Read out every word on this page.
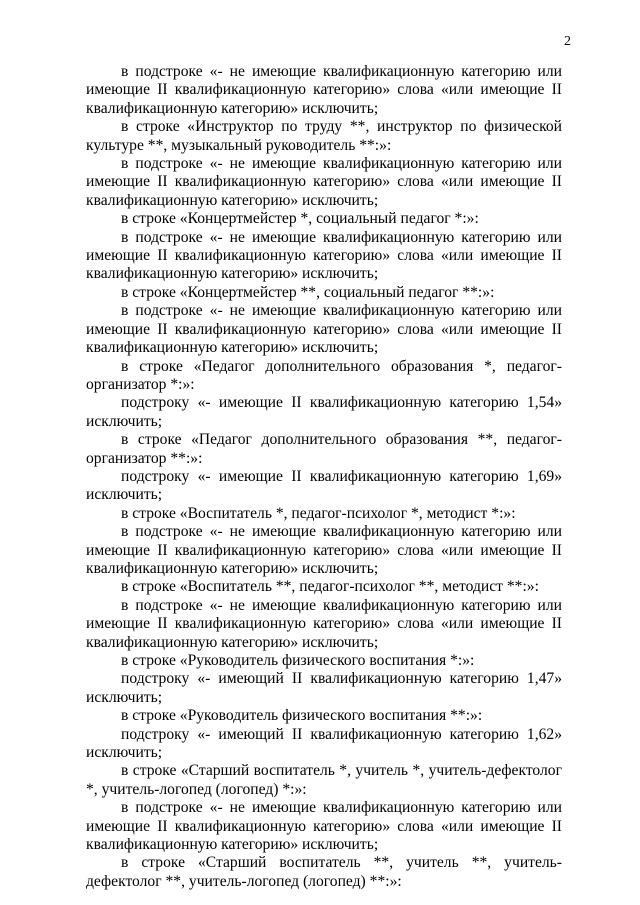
2

в подстроке «- не имеющие квалификационную категорию или имеющие II квалификационную категорию» слова «или имеющие II квалификационную категорию» исключить;

в строке «Инструктор по труду **, инструктор по физической культуре **, музыкальный руководитель **:»:

в подстроке «- не имеющие квалификационную категорию или имеющие II квалификационную категорию» слова «или имеющие II квалификационную категорию» исключить;

в строке «Концертмейстер *, социальный педагог *:»:

в подстроке «- не имеющие квалификационную категорию или имеющие II квалификационную категорию» слова «или имеющие II квалификационную категорию» исключить;

в строке «Концертмейстер **, социальный педагог **:»:

в подстроке «- не имеющие квалификационную категорию или имеющие II квалификационную категорию» слова «или имеющие II квалификационную категорию» исключить;

в строке «Педагог дополнительного образования *, педагог-организатор *:»:

подстроку «- имеющие II квалификационную категорию 1,54» исключить;

в строке «Педагог дополнительного образования **, педагог-организатор **:»:

подстроку «- имеющие II квалификационную категорию 1,69» исключить;

в строке «Воспитатель *, педагог-психолог *, методист *:»:

в подстроке «- не имеющие квалификационную категорию или имеющие II квалификационную категорию» слова «или имеющие II квалификационную категорию» исключить;

в строке «Воспитатель **, педагог-психолог **, методист **:»:

в подстроке «- не имеющие квалификационную категорию или имеющие II квалификационную категорию» слова «или имеющие II квалификационную категорию» исключить;

в строке «Руководитель физического воспитания *:»:

подстроку «- имеющий II квалификационную категорию 1,47» исключить;

в строке «Руководитель физического воспитания **:»:

подстроку «- имеющий II квалификационную категорию 1,62» исключить;

в строке «Старший воспитатель *, учитель *, учитель-дефектолог *, учитель-логопед (логопед) *:»:

в подстроке «- не имеющие квалификационную категорию или имеющие II квалификационную категорию» слова «или имеющие II квалификационную категорию» исключить;

в строке «Старший воспитатель **, учитель **, учитель-дефектолог **, учитель-логопед (логопед) **:»:
